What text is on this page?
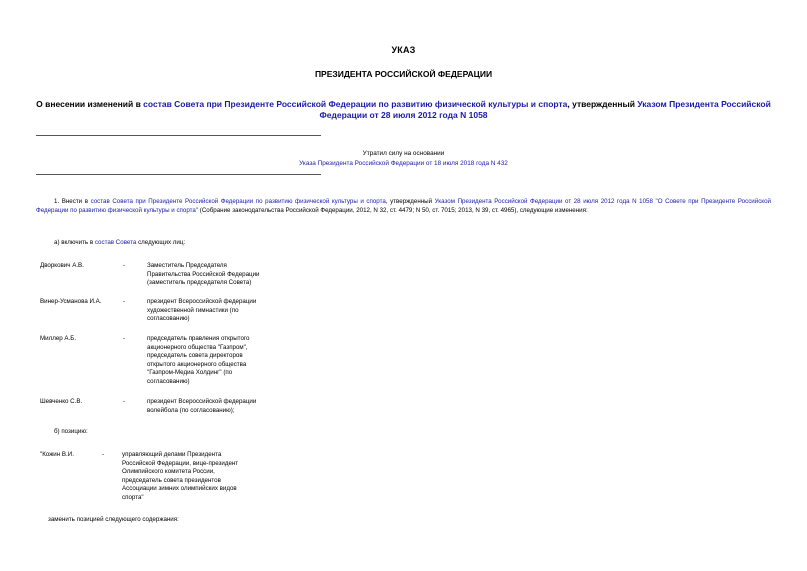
УКАЗ
ПРЕЗИДЕНТА РОССИЙСКОЙ ФЕДЕРАЦИИ
О внесении изменений в состав Совета при Президенте Российской Федерации по развитию физической культуры и спорта, утвержденный Указом Президента Российской Федерации от 28 июля 2012 года N 1058
Утратил силу на основании
Указа Президента Российской Федерации от 18 июля 2018 года N 432
1. Внести в состав Совета при Президенте Российской Федерации по развитию физической культуры и спорта, утвержденный Указом Президента Российской Федерации от 28 июля 2012 года N 1058 "О Совете при Президенте Российской Федерации по развитию физической культуры и спорта" (Собрание законодательства Российской Федерации, 2012, N 32, ст. 4479; N 50, ст. 7015; 2013, N 39, ст. 4965), следующие изменения:
а) включить в состав Совета следующих лиц:
Дворкович А.В.	-	Заместитель Председателя Правительства Российской Федерации (заместитель председателя Совета)
Винер-Усманова И.А.	-	президент Всероссийской федерации художественной гимнастики (по согласованию)
Миллер А.Б.	-	председатель правления открытого акционерного общества "Газпром", председатель совета директоров открытого акционерного общества "Газпром-Медиа Холдинг" (по согласованию)
Шевченко С.В.	-	президент Всероссийской федерации волейбола (по согласованию);
б) позицию:
"Кожин В.И.	-	управляющий делами Президента Российской Федерации, вице-президент Олимпийского комитета России, председатель совета президентов Ассоциации зимних олимпийских видов спорта"
заменить позицией следующего содержания:
